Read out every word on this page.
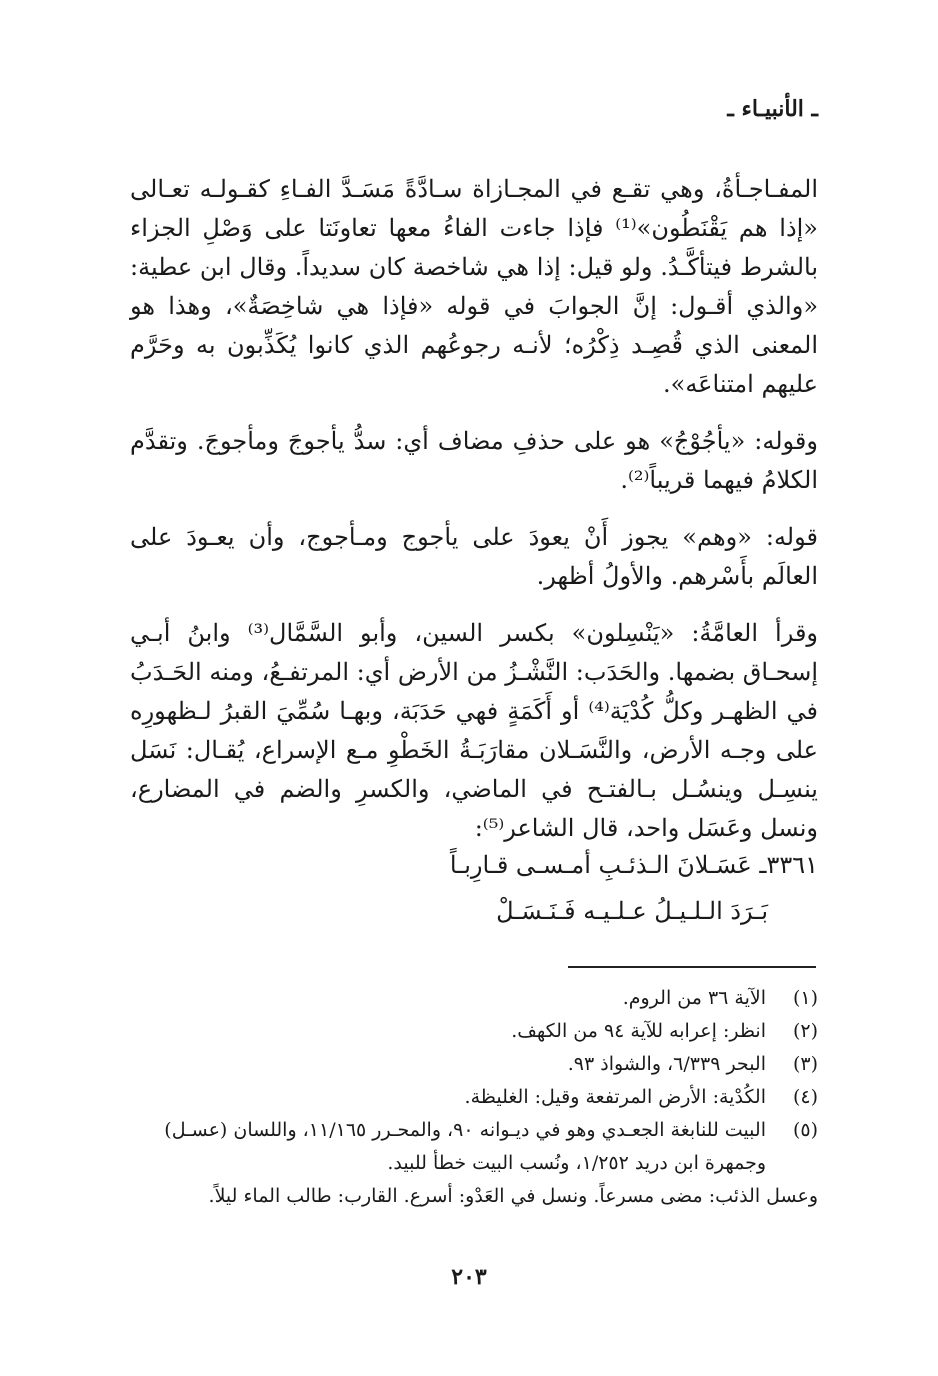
ـ الأنبيـاء ـ

المفـاجـأةُ، وهي تقـع في المجـازاة سـادَّةً مَسَـدَّ الفـاءِ كقـولـه تعـالى «إذا هم يَقْنَطُون»⁽¹⁾ فإذا جاءت الفاءُ معها تعاونَتا على وَصْلِ الجزاء بالشرط فيتأكَّـدُ. ولو قيل: إذا هي شاخصة كان سديداً. وقال ابن عطية: «والذي أقـول: إنَّ الجوابَ في قوله «فإذا هي شاخِصَةٌ»، وهذا هو المعنى الذي قُصِـد ذِكْرُه؛ لأنـه رجوعُهم الذي كانوا يُكَذِّبون به وحَرَّم عليهم امتناعَه».

وقوله: «يأجُوْجُ» هو على حذفِ مضاف أي: سدُّ يأجوجَ ومأجوجَ. وتقدَّم الكلامُ فيهما قريباً⁽²⁾.

قوله: «وهم» يجوز أَنْ يعودَ على يأجوج ومـأجوج، وأن يعـودَ على العالَم بأَسْرهم. والأولُ أظهر.

وقرأ العامَّةُ: «يَنْسِلون» بكسر السين، وأبو السَّمَّال⁽³⁾ وابنُ أبـي إسحـاق بضمها. والحَدَب: النَّشْـزُ من الأرض أي: المرتفـعُ، ومنه الحَـدَبُ في الظهـر وكلُّ كُدْيَة⁽⁴⁾ أو أَكَمَةٍ فهي حَدَبَة، وبهـا سُمِّيَ القبرُ لـظهورِه على وجـه الأرض، والنَّسَـلان مقارَبَـةُ الخَطْوِ مـع الإسراع، يُقـال: نَسَل ينسِـل وينسُـل بـالفتـح في الماضي، والكسرِ والضم في المضارع، ونسل وعَسَل واحد، قال الشاعر⁽⁵⁾:

٣٣٦١ـ عَسَـلانَ الـذئـبِ أمـسـى قـارِبـاً
بَـرَدَ الـلـيـلُ عـلـيـه فَـنَـسَـلْ
(١)
الآية ٣٦ من الروم.
(٢)
انظر: إعرابه للآية ٩٤ من الكهف.
(٣)
البحر ٦/٣٣٩، والشواذ ٩٣.
(٤)
الكُدْية: الأرض المرتفعة وقيل: الغليظة.
(٥)
البيت للنابغة الجعـدي وهو في ديـوانه ٩٠، والمحـرر ١١/١٦٥، واللسان (عسـل) وجمهرة ابن دريد ١/٢٥٢، ونُسب البيت خطأ للبيد.
وعسل الذئب: مضى مسرعاً. ونسل في العَدْو: أسرع. القارب: طالب الماء ليلاً.
٢٠٣
